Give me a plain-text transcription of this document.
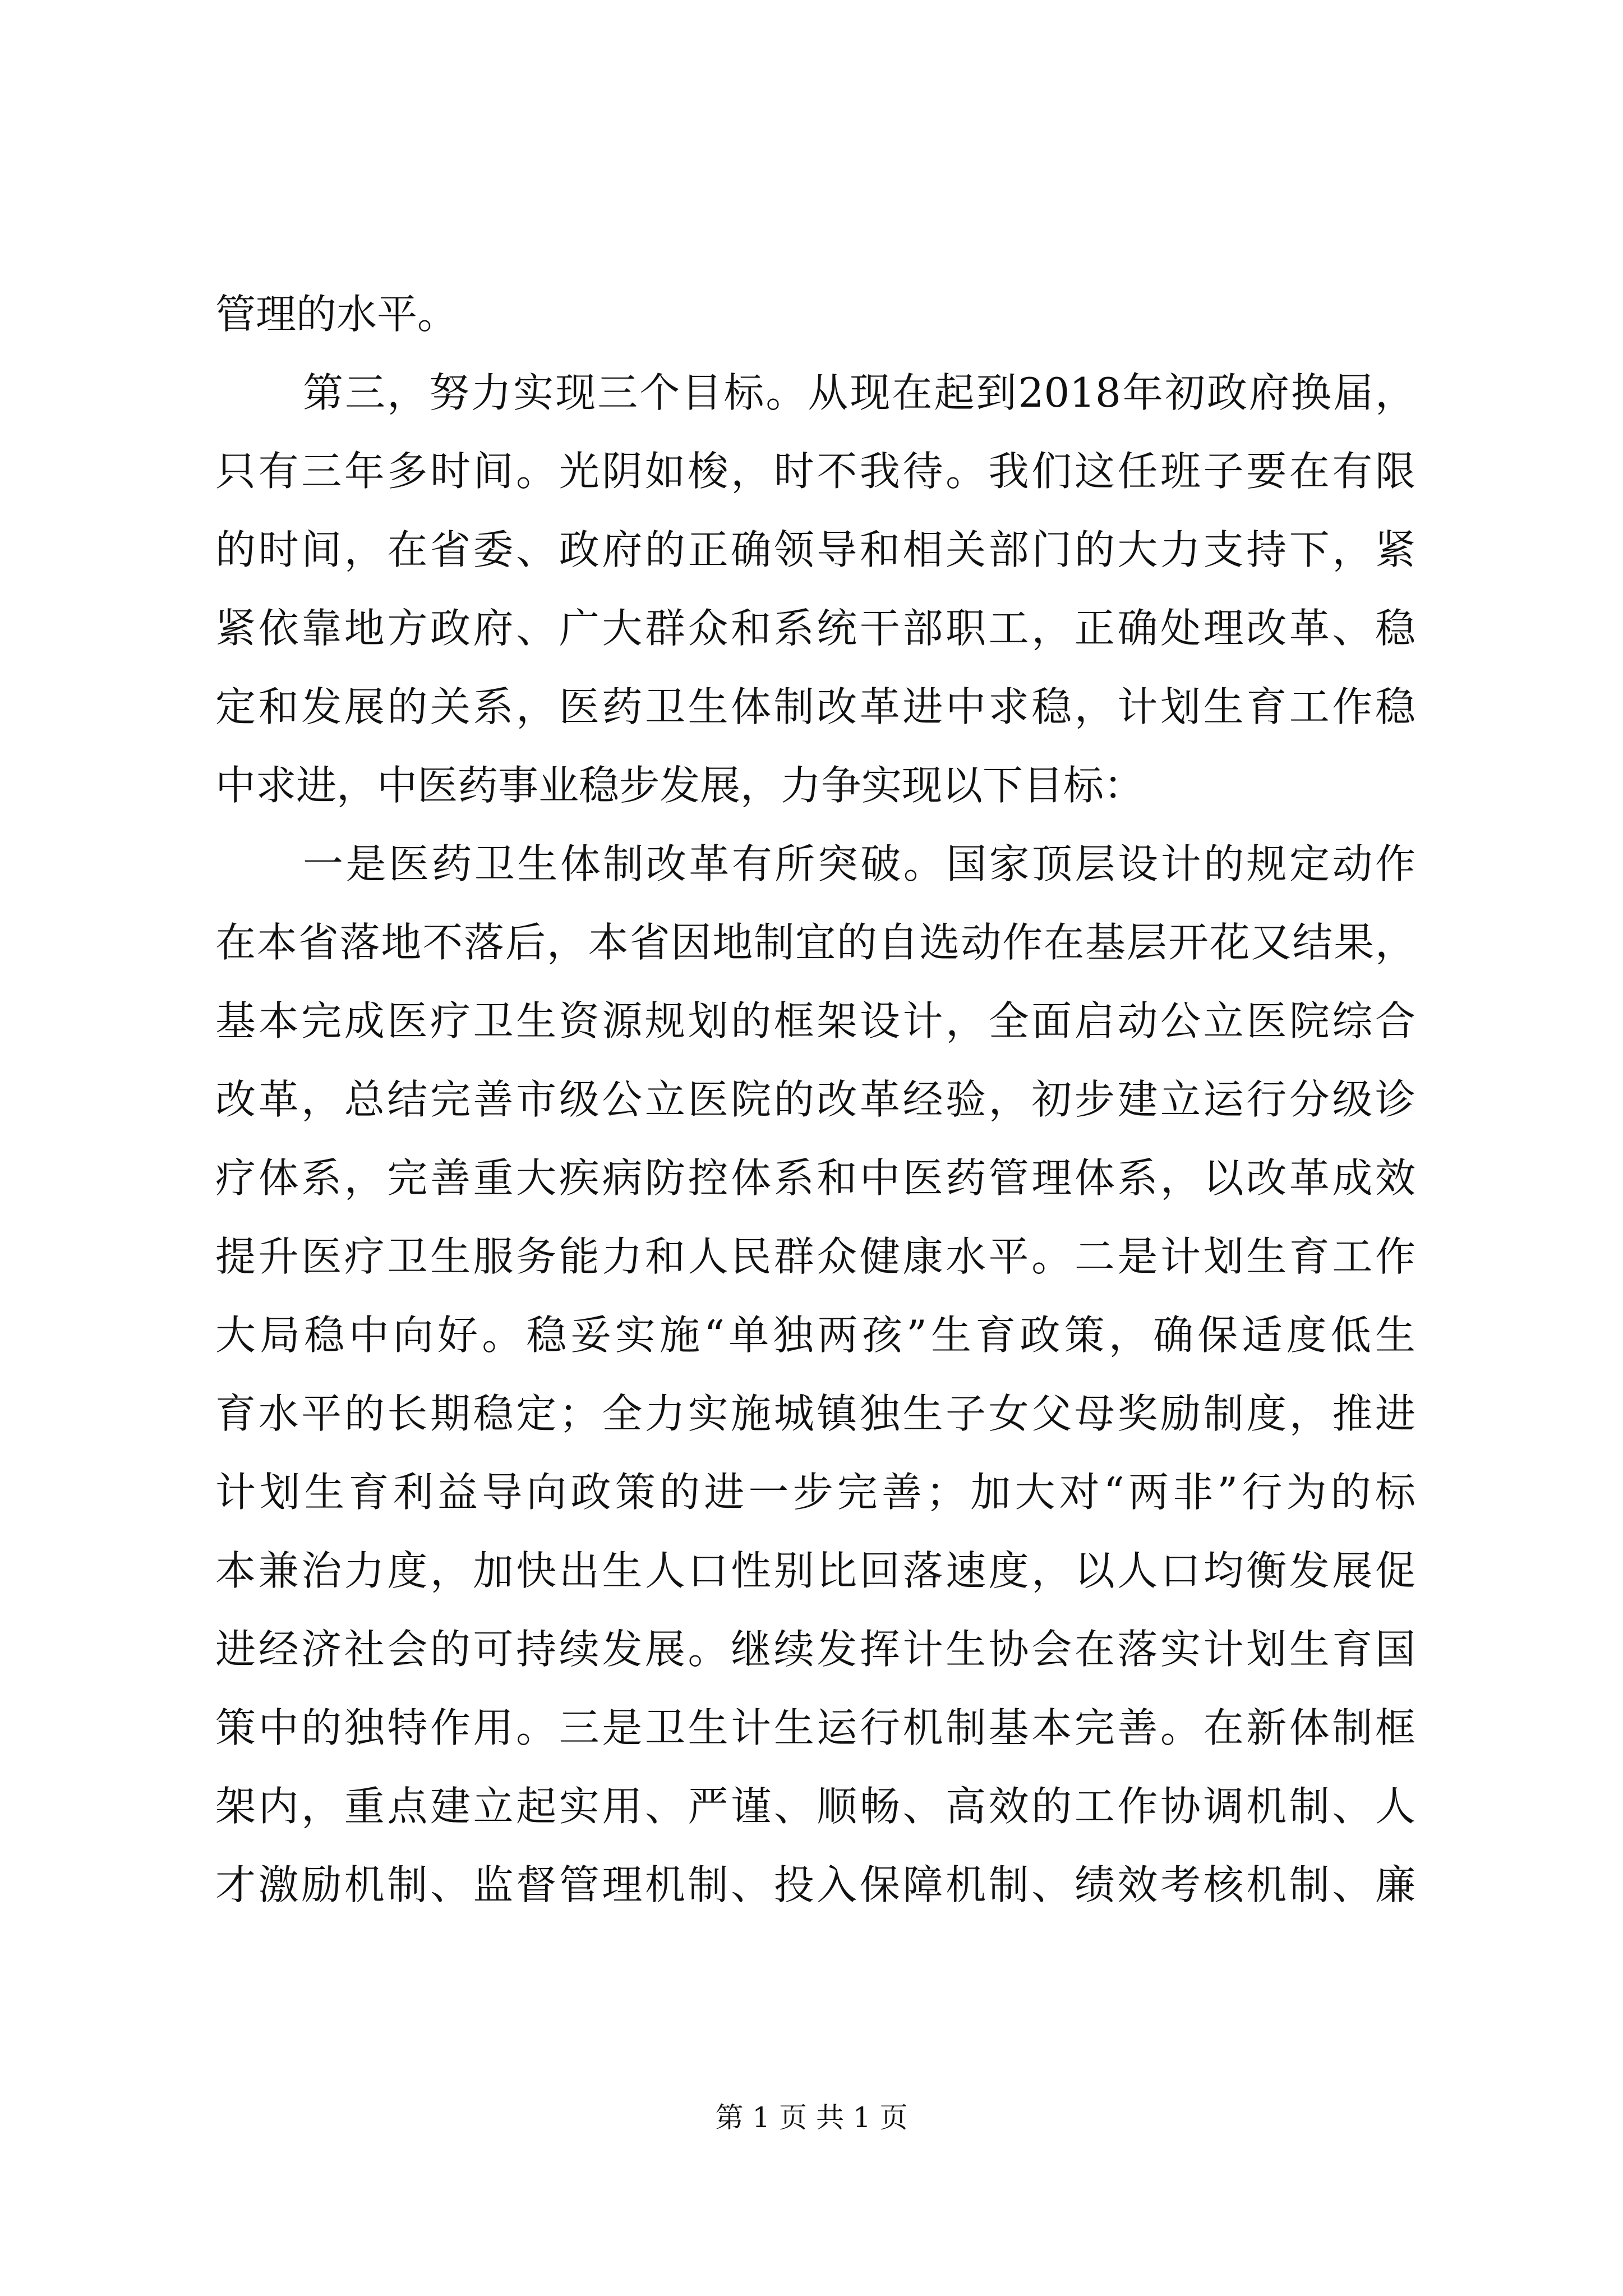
管理的水平。
第三，努力实现三个目标。从现在起到2018年初政府换届，
只有三年多时间。光阴如梭，时不我待。我们这任班子要在有限
的时间，在省委、政府的正确领导和相关部门的大力支持下，紧
紧依靠地方政府、广大群众和系统干部职工，正确处理改革、稳
定和发展的关系，医药卫生体制改革进中求稳，计划生育工作稳
中求进，中医药事业稳步发展，力争实现以下目标：
一是医药卫生体制改革有所突破。国家顶层设计的规定动作
在本省落地不落后，本省因地制宜的自选动作在基层开花又结果，
基本完成医疗卫生资源规划的框架设计，全面启动公立医院综合
改革，总结完善市级公立医院的改革经验，初步建立运行分级诊
疗体系，完善重大疾病防控体系和中医药管理体系，以改革成效
提升医疗卫生服务能力和人民群众健康水平。二是计划生育工作
大局稳中向好。稳妥实施“单独两孩”生育政策，确保适度低生
育水平的长期稳定；全力实施城镇独生子女父母奖励制度，推进
计划生育利益导向政策的进一步完善；加大对“两非”行为的标
本兼治力度，加快出生人口性别比回落速度，以人口均衡发展促
进经济社会的可持续发展。继续发挥计生协会在落实计划生育国
策中的独特作用。三是卫生计生运行机制基本完善。在新体制框
架内，重点建立起实用、严谨、顺畅、高效的工作协调机制、人
才激励机制、监督管理机制、投入保障机制、绩效考核机制、廉
第 1 页 共 1 页
